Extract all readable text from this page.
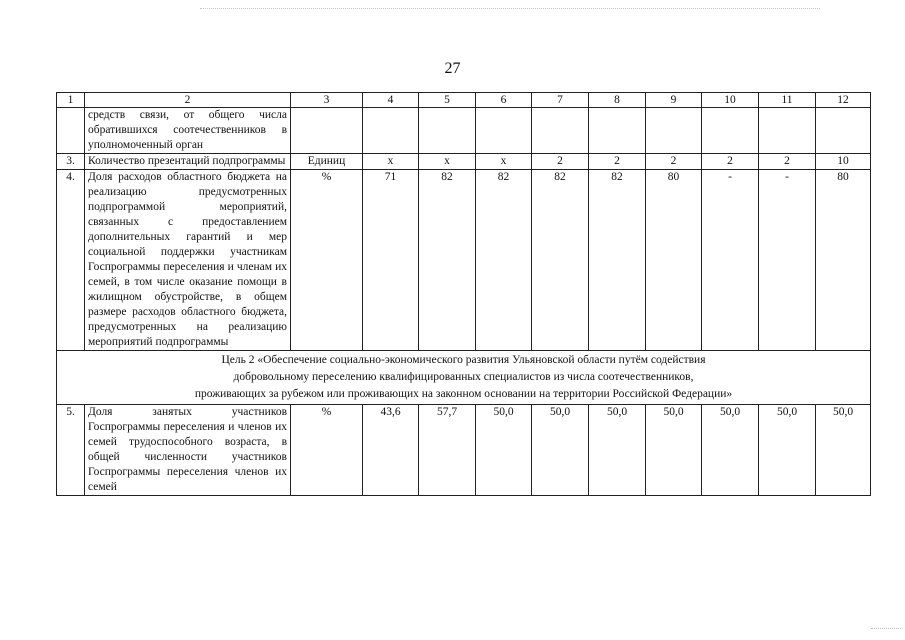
27
1	2	3	4	5	6	7	8	9	10	11	12
	средств связи, от общего числа обратившихся соотечественников в уполномоченный орган										
3.	Количество презентаций подпрограммы	Единиц	х	х	х	2	2	2	2	2	10
4.	Доля расходов областного бюджета на реализацию предусмотренных подпрограммой мероприятий, связанных с предоставлением дополнительных гарантий и мер социальной поддержки участникам Госпрограммы переселения и членам их семей, в том числе оказание помощи в жилищном обустройстве, в общем размере расходов областного бюджета, предусмотренных на реализацию мероприятий подпрограммы	%	71	82	82	82	82	80	-	-	80

Цель 2 «Обеспечение социально-экономического развития Ульяновской области путём содействия
добровольному переселению квалифицированных специалистов из числа соотечественников,
проживающих за рубежом или проживающих на законном основании на территории Российской Федерации»											

5.	Доля занятых участников Госпрограммы переселения и членов их семей трудоспособного возраста, в общей численности участников Госпрограммы переселения членов их семей	%	43,6	57,7	50,0	50,0	50,0	50,0	50,0	50,0	50,0
